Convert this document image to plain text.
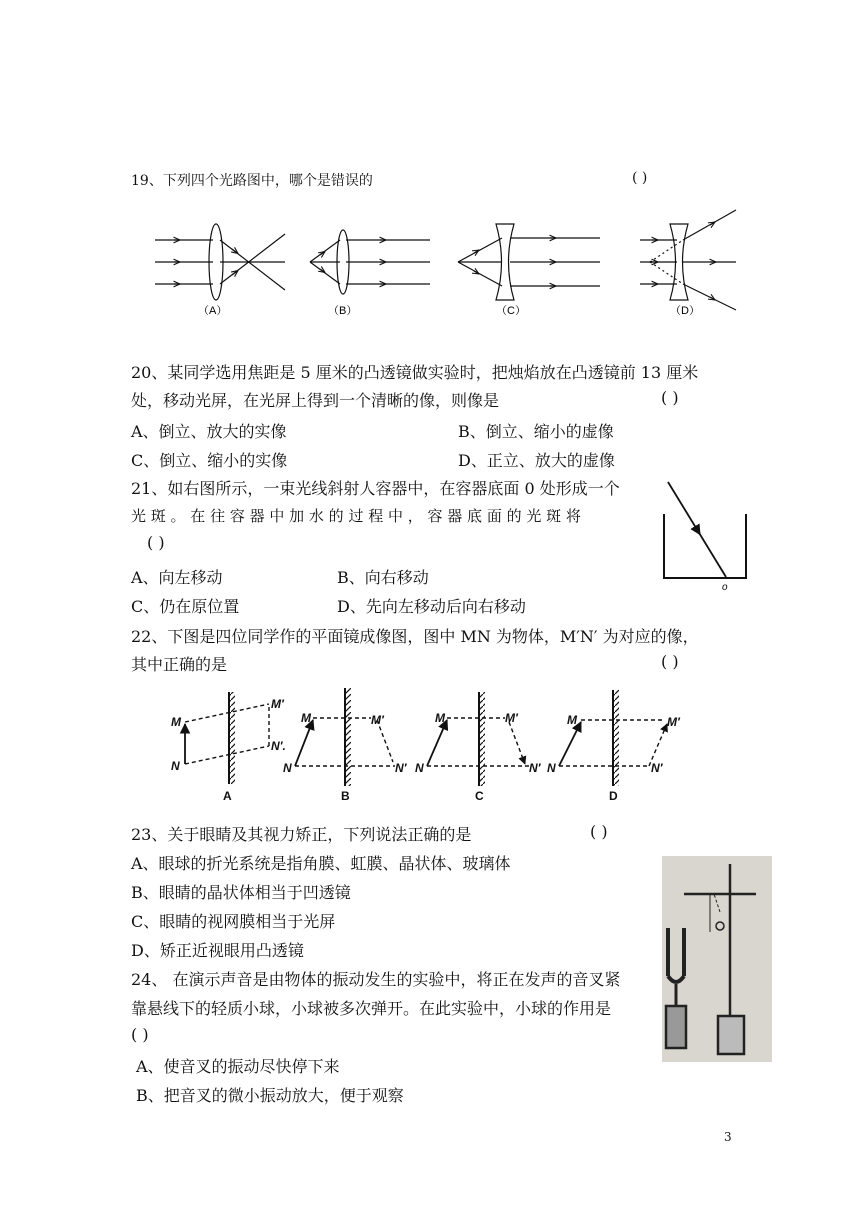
19、下列四个光路图中，哪个是错误的	( )
（A）	（B）	（C）	（D）
20、某同学选用焦距是 5 厘米的凸透镜做实验时，把烛焰放在凸透镜前 13 厘米
处，移动光屏，在光屏上得到一个清晰的像，则像是	( )
A、倒立、放大的实像	B、倒立、缩小的虚像
C、倒立、缩小的实像	D、正立、放大的虚像
21、如右图所示，一束光线斜射人容器中，在容器底面 0 处形成一个
光 斑 。 在 往 容 器 中 加 水 的 过 程 中 ， 容 器 底 面 的 光 斑 将
( )
A、向左移动	B、向右移动
C、仍在原位置	D、先向左移动后向右移动
o
22、下图是四位同学作的平面镜成像图，图中 MN 为物体，M′N′ 为对应的像，
其中正确的是	( )
M
N
M′
N′.
M
N
M′
N′
M
N
M′
N′
M
N
M′
N′
A	B	C	D
23、关于眼睛及其视力矫正，下列说法正确的是	( )
A、眼球的折光系统是指角膜、虹膜、晶状体、玻璃体
B、眼睛的晶状体相当于凹透镜
C、眼睛的视网膜相当于光屏
D、矫正近视眼用凸透镜
24、 在演示声音是由物体的振动发生的实验中，将正在发声的音叉紧
靠悬线下的轻质小球，小球被多次弹开。在此实验中，小球的作用是
( )
A、使音叉的振动尽快停下来
B、把音叉的微小振动放大，便于观察
3
